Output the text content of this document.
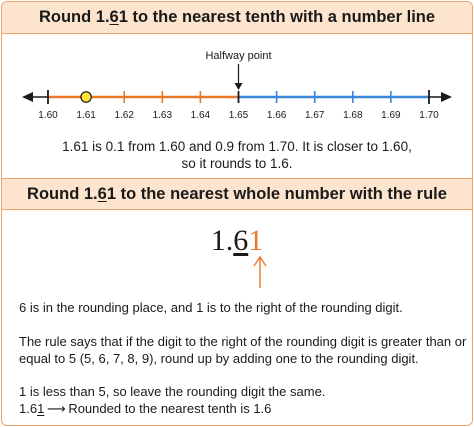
Round 1. 6 1 to the nearest tenth with a number line
1.60 1.61 1.62 1.63 1.64 1.65 1.66 1.67 1.68 1.69 1.70
Halfway point
1.61 is 0.1 from 1.60 and 0.9 from 1.70. It is closer to 1.60,
so it rounds to 1.6.
Round 1. 6 1 to the nearest whole number with the rule
1.61
6 is in the rounding place, and 1 is to the right of the rounding digit.
The rule says that if the digit to the right of the rounding digit is greater than or equal to 5 (5, 6, 7, 8, 9), round up by adding one to the rounding digit.
1 is less than 5, so leave the rounding digit the same.
1.61 ⟶ Rounded to the nearest tenth is 1.6
